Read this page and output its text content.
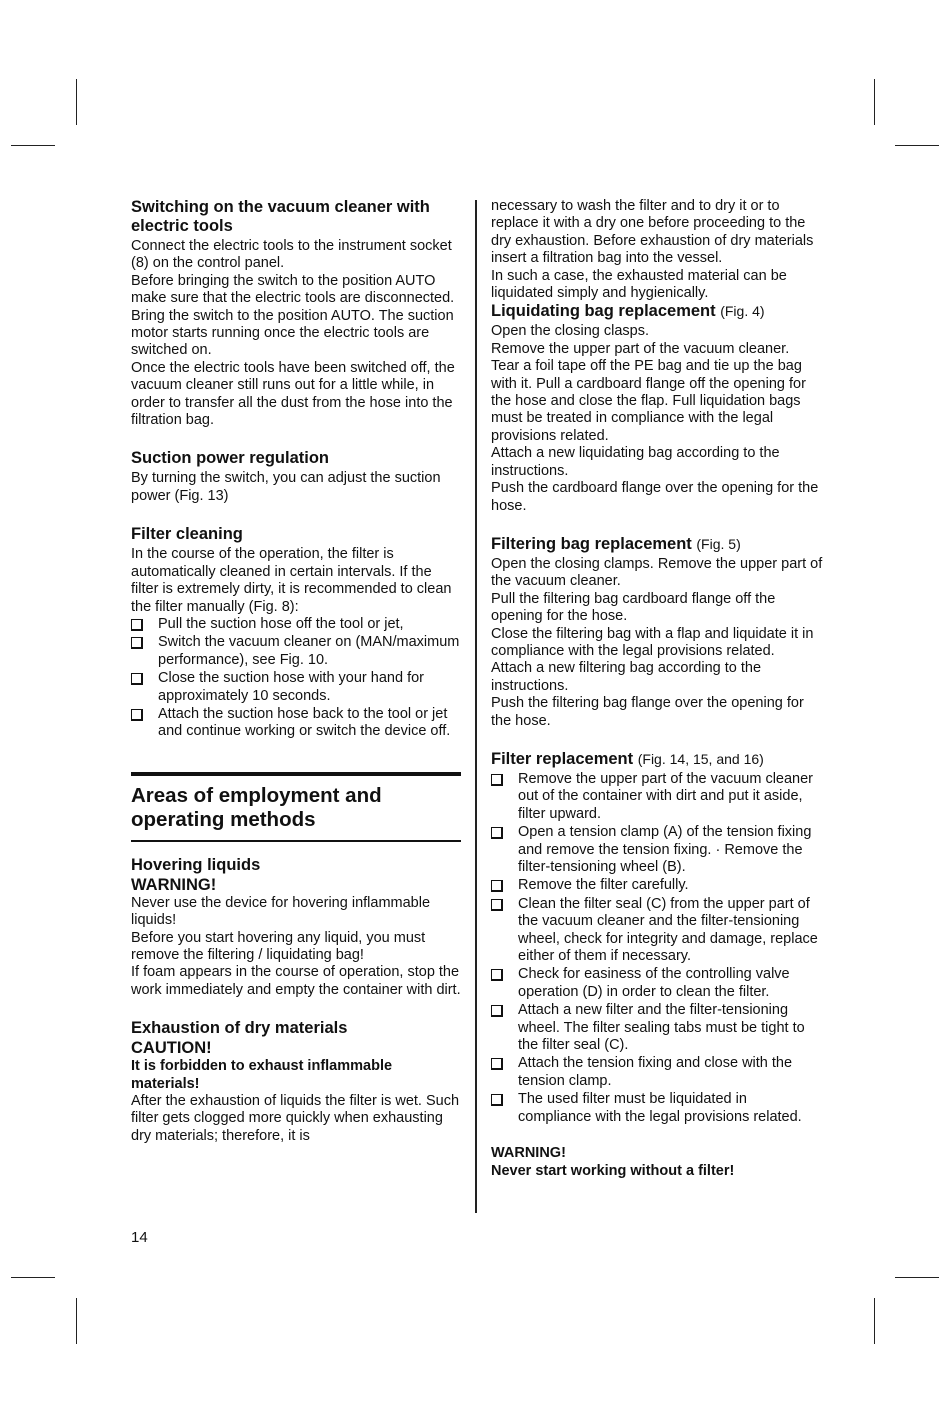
Switching on the vacuum cleaner with electric tools

Connect the electric tools to the instrument socket (8) on the control panel.

Before bringing the switch to the position AUTO make sure that the electric tools are disconnected.

Bring the switch to the position AUTO. The suction motor starts running once the electric tools are switched on.

Once the electric tools have been switched off, the vacuum cleaner still runs out for a little while, in order to transfer all the dust from the hose into the filtration bag.

Suction power regulation

By turning the switch, you can adjust the suction power (Fig. 13)

Filter cleaning

In the course of the operation, the filter is automatically cleaned in certain intervals. If the filter is extremely dirty, it is recommended to clean the filter manually (Fig. 8):

Pull the suction hose off the tool or jet,
Switch the vacuum cleaner on (MAN/maximum performance), see Fig. 10.
Close the suction hose with your hand for approximately 10 seconds.
Attach the suction hose back to the tool or jet and continue working or switch the device off.
Areas of employment and operating methods
Hovering liquids
WARNING!

Never use the device for hovering inflammable liquids!

Before you start hovering any liquid, you must remove the filtering / liquidating bag!

If foam appears in the course of operation, stop the work immediately and empty the container with dirt.

Exhaustion of dry materials
CAUTION!

It is forbidden to exhaust inflammable materials!

After the exhaustion of liquids the filter is wet. Such filter gets clogged more quickly when exhausting dry materials; therefore, it is

necessary to wash the filter and to dry it or to replace it with a dry one before proceeding to the dry exhaustion. Before exhaustion of dry materials insert a filtration bag into the vessel.

In such a case, the exhausted material can be liquidated simply and hygienically.

Liquidating bag replacement (Fig. 4)

Open the closing clasps.

Remove the upper part of the vacuum cleaner.

Tear a foil tape off the PE bag and tie up the bag with it. Pull a cardboard flange off the opening for the hose and close the flap. Full liquidation bags must be treated in compliance with the legal provisions related.

Attach a new liquidating bag according to the instructions.

Push the cardboard flange over the opening for the hose.

Filtering bag replacement (Fig. 5)

Open the closing clamps. Remove the upper part of the vacuum cleaner.

Pull the filtering bag cardboard flange off the opening for the hose.

Close the filtering bag with a flap and liquidate it in compliance with the legal provisions related.

Attach a new filtering bag according to the instructions.

Push the filtering bag flange over the opening for the hose.

Filter replacement (Fig. 14, 15, and 16)
Remove the upper part of the vacuum cleaner out of the container with dirt and put it aside, filter upward.
Open a tension clamp (A) of the tension fixing and remove the tension fixing. · Remove the filter-tensioning wheel (B).
Remove the filter carefully.
Clean the filter seal (C) from the upper part of the vacuum cleaner and the filter-tensioning wheel, check for integrity and damage, replace either of them if necessary.
Check for easiness of the controlling valve operation (D) in order to clean the filter.
Attach a new filter and the filter-tensioning wheel. The filter sealing tabs must be tight to the filter seal (C).
Attach the tension fixing and close with the tension clamp.
The used filter must be liquidated in compliance with the legal provisions related.

WARNING!

Never start working without a filter!

14
